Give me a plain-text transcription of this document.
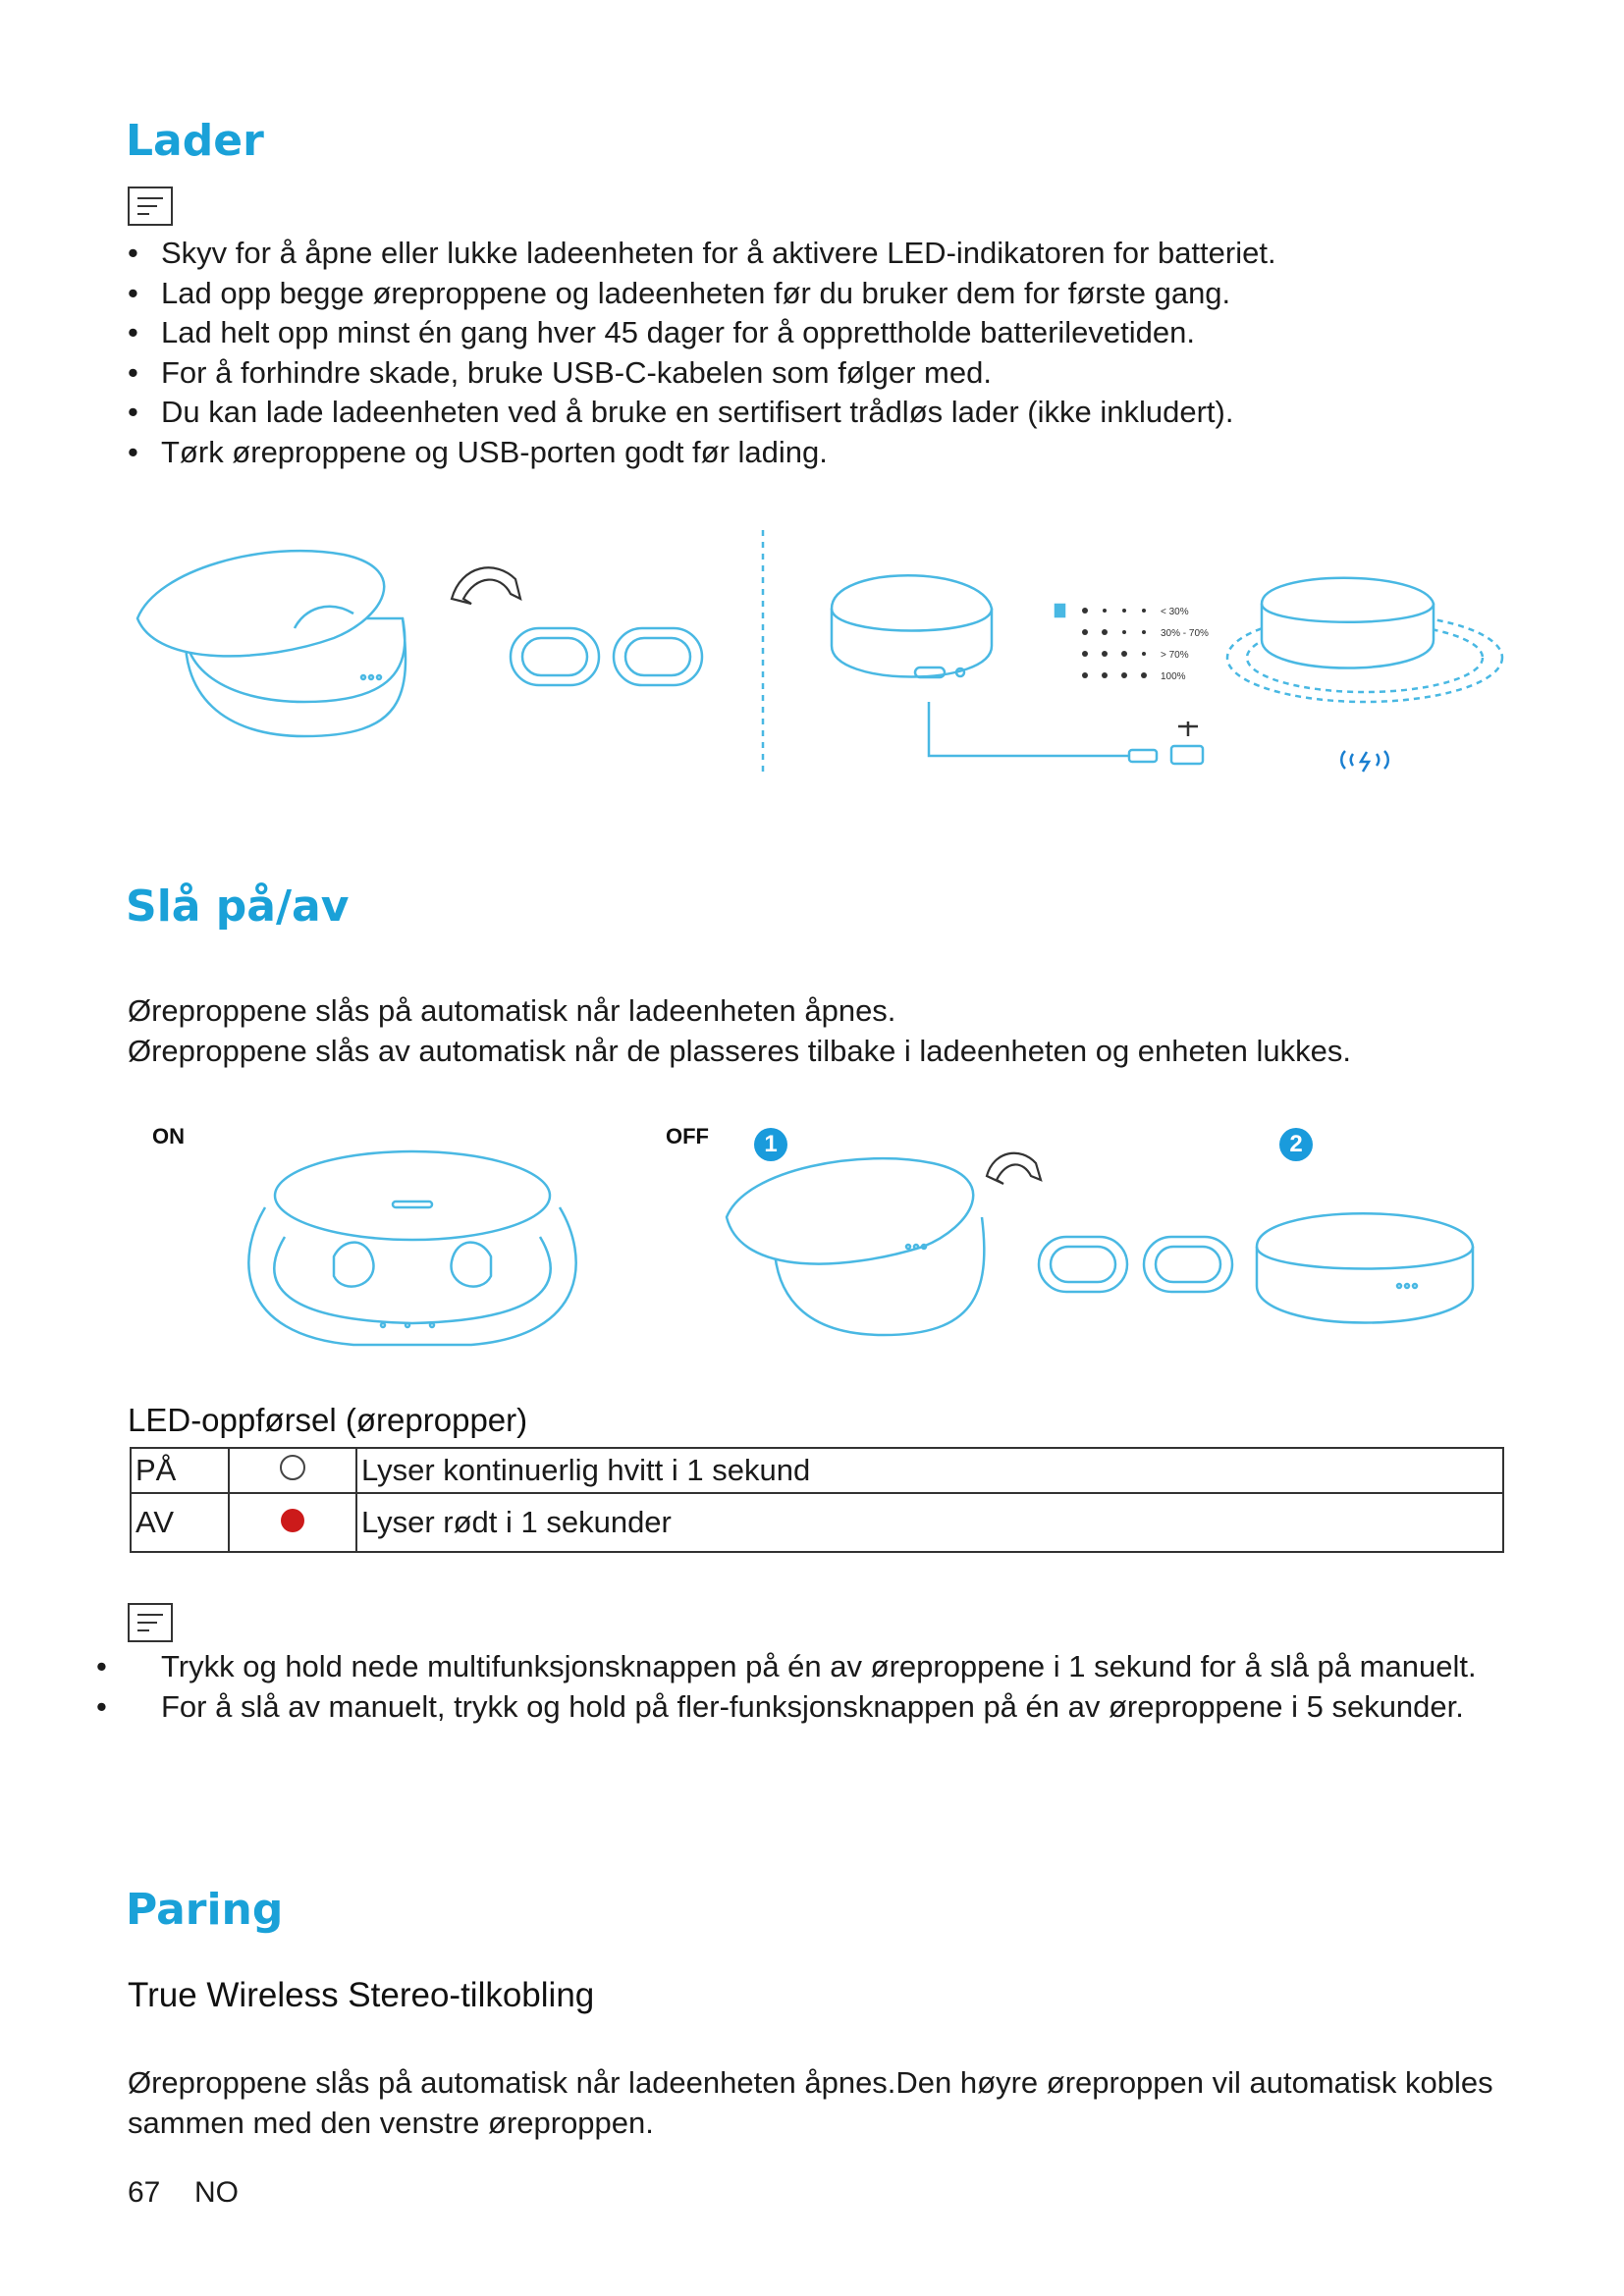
Lader
• Skyv for å åpne eller lukke ladeenheten for å aktivere LED-indikatoren for batteriet.
• Lad opp begge øreproppene og ladeenheten før du bruker dem for første gang.
• Lad helt opp minst én gang hver 45 dager for å opprettholde batterilevetiden.
• For å forhindre skade, bruke USB-C-kabelen som følger med.
• Du kan lade ladeenheten ved å bruke en sertifisert trådløs lader (ikke inkludert).
• Tørk øreproppene og USB-porten godt før lading.
< 30%
30% - 70%
> 70%
100%
Slå på/av

Øreproppene slås på automatisk når ladeenheten åpnes.

Øreproppene slås av automatisk når de plasseres tilbake i ladeenheten og enheten lukkes.

ON	OFF	1	2
LED-oppførsel (ørepropper)
PÅ		Lyser kontinuerlig hvitt i 1 sekund
AV		Lyser rødt i 1 sekunder
• Trykk og hold nede multifunksjonsknappen på én av øreproppene i 1 sekund for å slå på manuelt.
• For å slå av manuelt, trykk og hold på fler-funksjonsknappen på én av øreproppene i 5 sekunder.
Paring
True Wireless Stereo-tilkobling

Øreproppene slås på automatisk når ladeenheten åpnes.Den høyre øreproppen vil automatisk kobles sammen med den venstre øreproppen.

67 NO
